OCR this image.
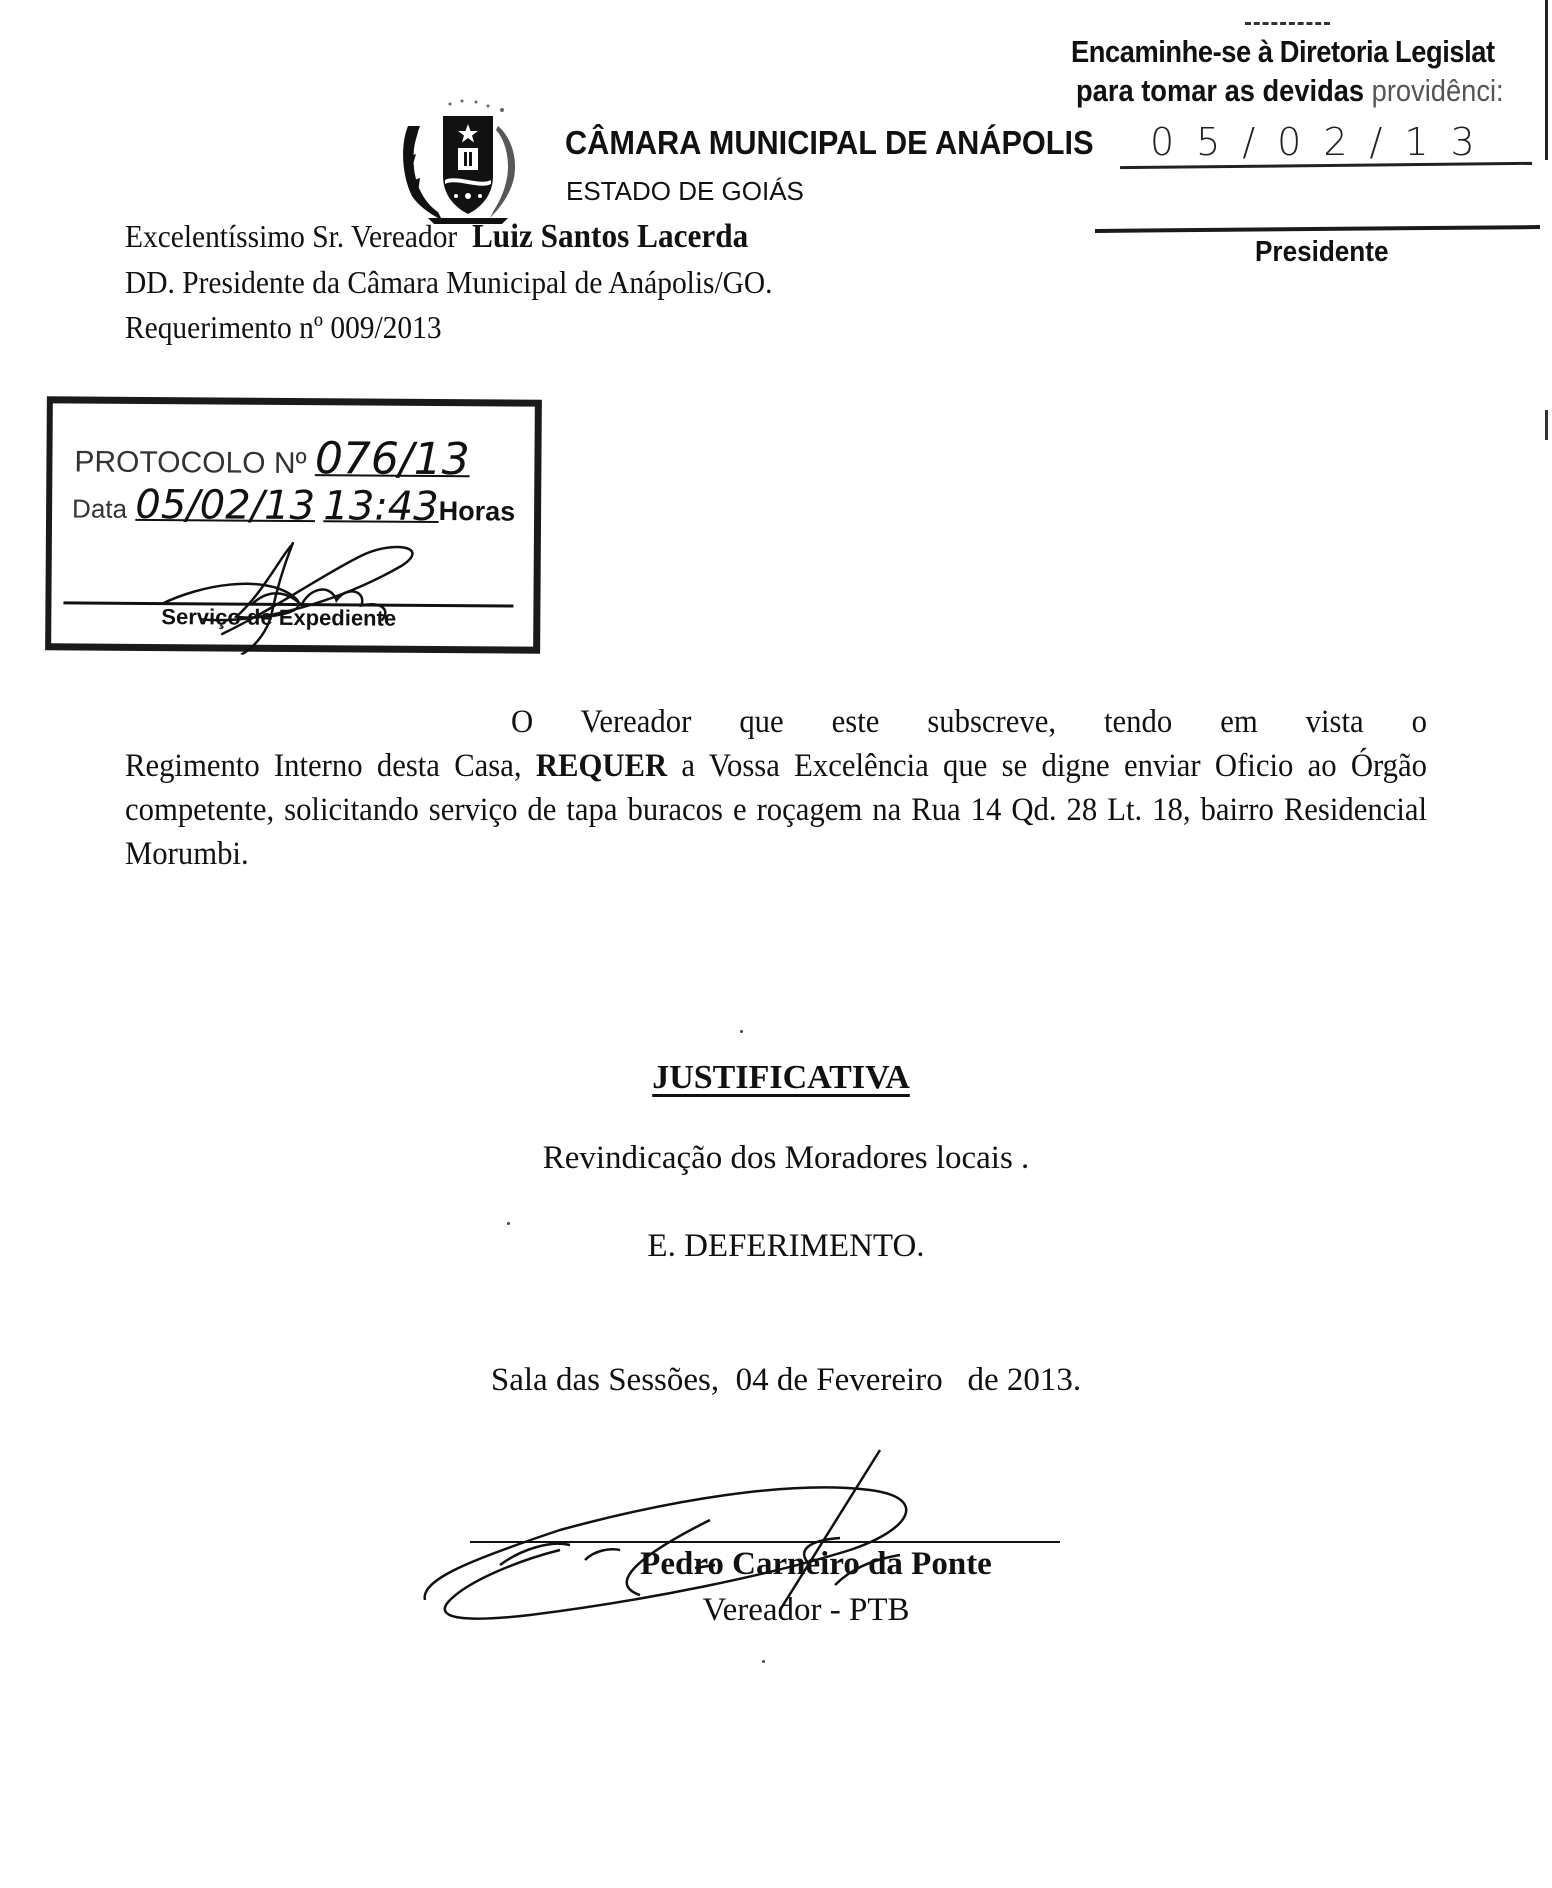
Encaminhe-se à Diretoria Legislat
para tomar as devidas providênci:
05/02/13
Presidente
CÂMARA MUNICIPAL DE ANÁPOLIS
ESTADO DE GOIÁS
Excelentíssimo Sr. Vereador Luiz Santos Lacerda
DD. Presidente da Câmara Municipal de Anápolis/GO.
Requerimento nº 009/2013
PROTOCOLO Nº 076/13
Data 05/02/13 13:43Horas
Serviço de Expediente
O Vereador que este subscreve, tendo em vista o
Regimento Interno desta Casa, REQUER a Vossa Excelência que se digne enviar Oficio ao Órgão competente, solicitando serviço de tapa buracos e roçagem na Rua 14 Qd. 28 Lt. 18, bairro Residencial Morumbi.
JUSTIFICATIVA
Revindicação dos Moradores locais .
E. DEFERIMENTO.
Sala das Sessões,  04 de Fevereiro   de 2013.
Pedro Carneiro da Ponte
Vereador - PTB
